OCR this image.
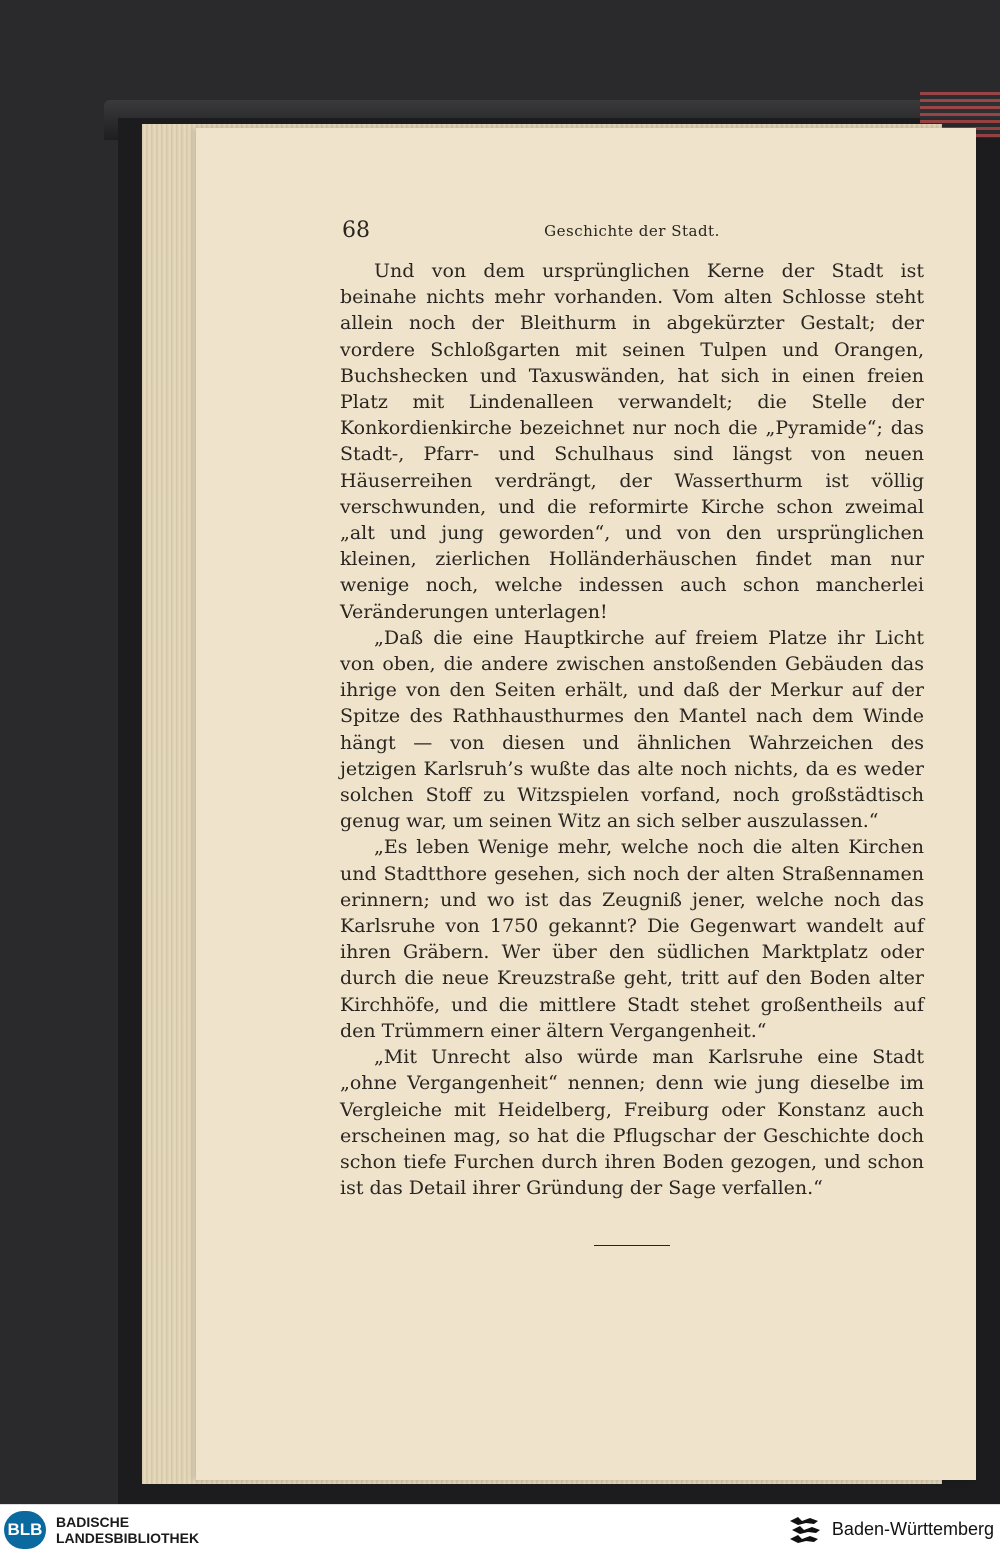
68	Geschichte der Stadt.

Und von dem ursprünglichen Kerne der Stadt ist beinahe nichts mehr vorhanden. Vom alten Schlosse steht allein noch der Bleithurm in abgekürzter Gestalt; der vordere Schloßgarten mit seinen Tulpen und Orangen, Buchshecken und Taxuswänden, hat sich in einen freien Platz mit Lindenalleen verwandelt; die Stelle der Konkordienkirche bezeichnet nur noch die „Pyramide“; das Stadt-, Pfarr- und Schulhaus sind längst von neuen Häuserreihen verdrängt, der Wasserthurm ist völlig verschwunden, und die reformirte Kirche schon zweimal „alt und jung geworden“, und von den ursprünglichen kleinen, zierlichen Holländerhäuschen findet man nur wenige noch, welche indessen auch schon mancherlei Veränderungen unterlagen!

„Daß die eine Hauptkirche auf freiem Platze ihr Licht von oben, die andere zwischen anstoßenden Gebäuden das ihrige von den Seiten erhält, und daß der Merkur auf der Spitze des Rathhausthurmes den Mantel nach dem Winde hängt — von diesen und ähnlichen Wahrzeichen des jetzigen Karlsruh’s wußte das alte noch nichts, da es weder solchen Stoff zu Witzspielen vorfand, noch großstädtisch genug war, um seinen Witz an sich selber auszulassen.“

„Es leben Wenige mehr, welche noch die alten Kirchen und Stadtthore gesehen, sich noch der alten Straßennamen erinnern; und wo ist das Zeugniß jener, welche noch das Karlsruhe von 1750 gekannt? Die Gegenwart wandelt auf ihren Gräbern. Wer über den südlichen Marktplatz oder durch die neue Kreuzstraße geht, tritt auf den Boden alter Kirchhöfe, und die mittlere Stadt stehet großentheils auf den Trümmern einer ältern Vergangenheit.“

„Mit Unrecht also würde man Karlsruhe eine Stadt „ohne Vergangenheit“ nennen; denn wie jung dieselbe im Vergleiche mit Heidelberg, Freiburg oder Konstanz auch erscheinen mag, so hat die Pflugschar der Geschichte doch schon tiefe Furchen durch ihren Boden gezogen, und schon ist das Detail ihrer Gründung der Sage verfallen.“

BLB BADISCHE
LANDESBIBLIOTHEK	Baden-Württemberg
